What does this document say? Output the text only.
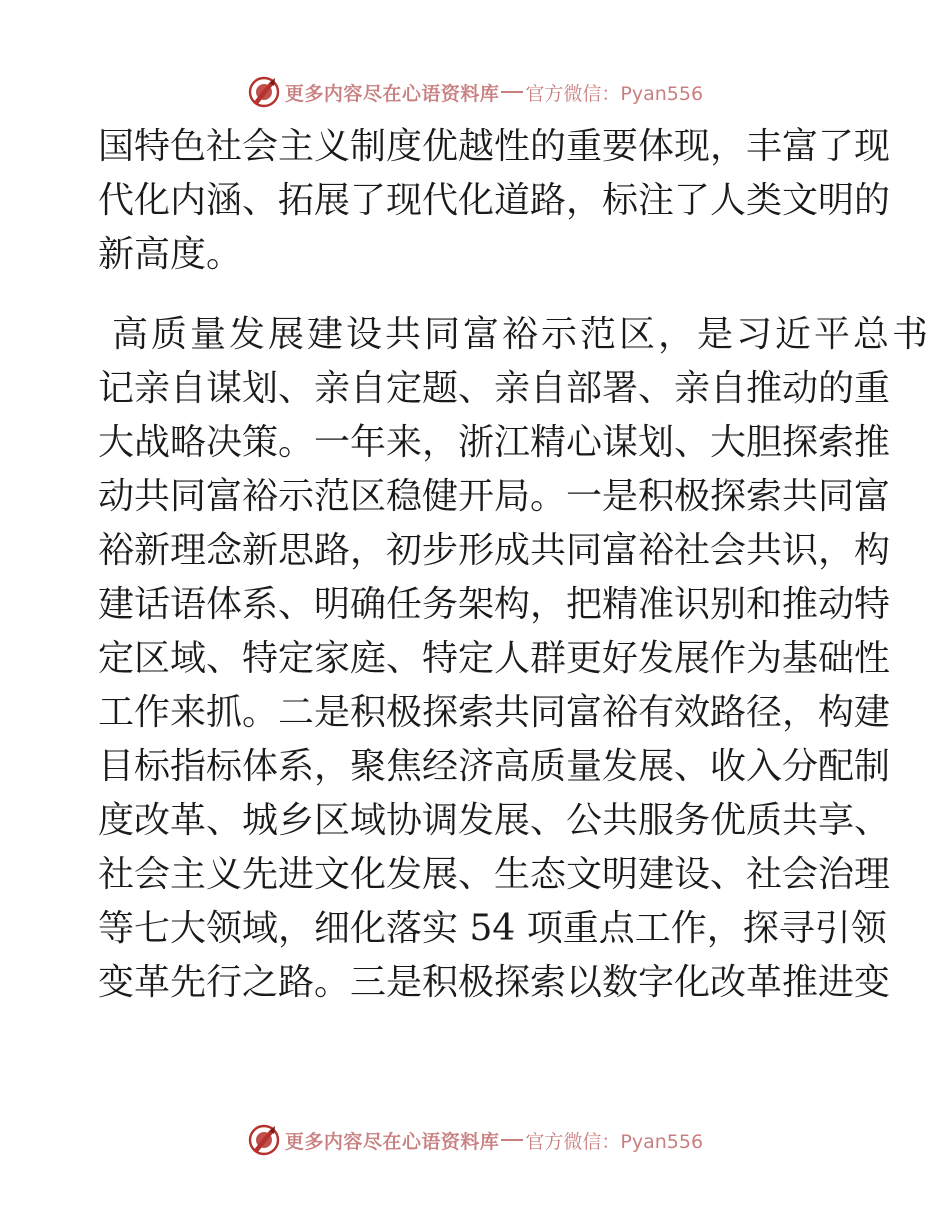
更多内容尽在心语资料库 官方微信：Pyan556
国特色社会主义制度优越性的重要体现，丰富了现
代化内涵、拓展了现代化道路，标注了人类文明的
新高度。
高质量发展建设共同富裕示范区，是习近平总书
记亲自谋划、亲自定题、亲自部署、亲自推动的重
大战略决策。一年来，浙江精心谋划、大胆探索推
动共同富裕示范区稳健开局。一是积极探索共同富
裕新理念新思路，初步形成共同富裕社会共识，构
建话语体系、明确任务架构，把精准识别和推动特
定区域、特定家庭、特定人群更好发展作为基础性
工作来抓。二是积极探索共同富裕有效路径，构建
目标指标体系，聚焦经济高质量发展、收入分配制
度改革、城乡区域协调发展、公共服务优质共享、
社会主义先进文化发展、生态文明建设、社会治理
等七大领域，细化落实 54 项重点工作，探寻引领
变革先行之路。三是积极探索以数字化改革推进变
更多内容尽在心语资料库 官方微信：Pyan556
